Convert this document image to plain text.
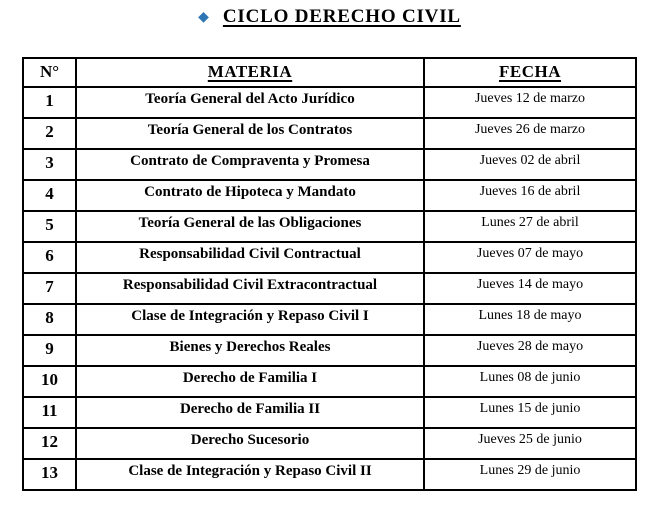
◆ CICLO DERECHO CIVIL
N°	MATERIA	FECHA
1	Teoría General del Acto Jurídico	Jueves 12 de marzo
2	Teoría General de los Contratos	Jueves 26 de marzo
3	Contrato de Compraventa y Promesa	Jueves 02 de abril
4	Contrato de Hipoteca y Mandato	Jueves 16 de abril
5	Teoría General de las Obligaciones	Lunes 27 de abril
6	Responsabilidad Civil Contractual	Jueves 07 de mayo
7	Responsabilidad Civil Extracontractual	Jueves 14 de mayo
8	Clase de Integración y Repaso Civil I	Lunes 18 de mayo
9	Bienes y Derechos Reales	Jueves 28 de mayo
10	Derecho de Familia I	Lunes 08 de junio
11	Derecho de Familia II	Lunes 15 de junio
12	Derecho Sucesorio	Jueves 25 de junio
13	Clase de Integración y Repaso Civil II	Lunes 29 de junio
